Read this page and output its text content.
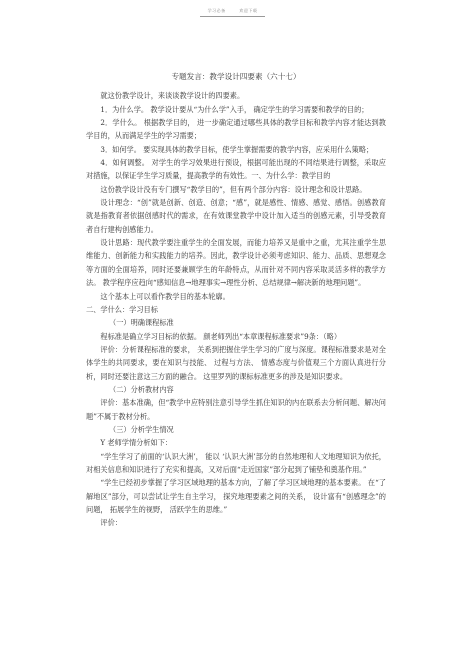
学习必备	欢迎下载
专题发言：教学设计四要素（六十七）

就这份教学设计，来谈谈教学设计的四要素。

1．为什么学。 教学设计要从“为什么学”入手， 确定学生的学习需要和教学的目的；

2．学什么。 根据教学目的， 进一步确定通过哪些具体的教学目标和教学内容才能达到教学目的，从而满足学生的学习需要；

3．如何学。 要实现具体的教学目标，使学生掌握需要的教学内容，应采用什么策略；

4．如何调整。 对学生的学习效果进行预设，根据可能出现的不同结果进行调整，采取应对措施，以保证学生学习质量，提高教学的有效性。一、为什么学：教学目的

这份教学设计没有专门撰写“教学目的”，但有两个部分内容：设计理念和设计思路。

设计理念：“创”就是创新、创造、创意；“感”，就是感性、情感、感觉、感悟。创感教育就是指教育者依据创感时代的需求，在有效课堂教学中设计加入适当的创感元素，引导受教育者自行建构创感能力。

设计思路：现代教学要注重学生的全面发展，而能力培养又是重中之重，尤其注重学生思维能力、创新能力和实践能力的培养。因此，教学设计必须考虑知识、能力、品质、思想观念等方面的全面培养，同时还要兼顾学生的年龄特点，从而针对不同内容采取灵活多样的教学方法。 教学程序应趋向“感知信息→地理事实→理性分析、总结规律→解决新的地理问题”。

这个基本上可以看作教学目的基本轮廓。

二、学什么：学习目标

（一）明确课程标准

程标准是确立学习目标的依据。 颜老师列出“本章课程标准要求”9条：（略）

评价：分析课程标准的要求， 关系到把握住学生学习的广度与深度。课程标准要求是对全体学生的共同要求，要在知识与技能、 过程与方法、 情感态度与价值观三个方面认真进行分析，同时还要注意这三方面的融合。 这里罗列的课标标准更多的涉及是知识要求。

（二）分析教材内容

评价：基本准确，但“教学中应特别注意引导学生抓住知识的内在联系去分析问题、解决问题”不属于教材分析。

（三）分析学生情况

Y 老师学情分析如下：

“学生学习了前面的‘认识大洲’， 能以 ‘认识大洲’部分的自然地理和人文地理知识为依托，对相关信息和知识进行了充实和提高，又对后面“走近国家”部分起到了铺垫和奠基作用。”

“学生已经初步掌握了学习区域地理的基本方向，了解了学习区域地理的基本要素。 在“了解地区”部分，可以尝试让学生自主学习， 探究地理要素之间的关系， 设计富有“创感理念”的问题， 拓展学生的视野， 活跃学生的思维。”

评价：
